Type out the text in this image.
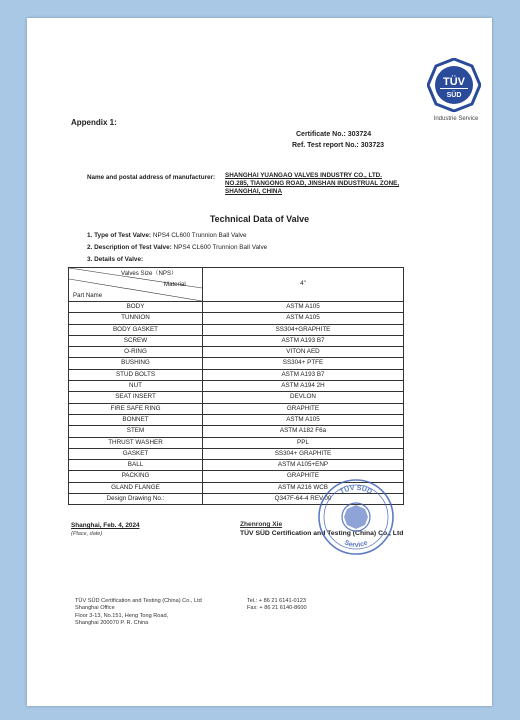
TÜV
SÜD
Industrie Service
Appendix 1:
Certificate No.: 303724
Ref. Test report No.: 303723
Name and postal address of manufacturer: SHANGHAI YUANGAO VALVES INDUSTRY CO., LTD.
NO.285, TIANGONG ROAD, JINSHAN INDUSTRUAL ZONE,
SHANGHAI, CHINA
Technical Data of Valve
1. Type of Test Valve: NPS4 CL600 Trunnion Ball Valve
2. Description of Test Valve: NPS4 CL600 Trunnion Ball Valve
3. Details of Valve:
Valves Size（NPS）
Material
Part Name	4"
BODY	ASTM A105
TUNNION	ASTM A105
BODY GASKET	SS304+GRAPHITE
SCREW	ASTM A193 B7
O-RING	VITON AED
BUSHING	SS304+ PTFE
STUD BOLTS	ASTM A193 B7
NUT	ASTM A194 2H
SEAT INSERT	DEVLON
FIRE SAFE RING	GRAPHITE
BONNET	ASTM A105
STEM	ASTM A182 F6a
THRUST WASHER	PPL
GASKET	SS304+ GRAPHITE
BALL	ASTM A105+ENP
PACKING	GRAPHITE
GLAND FLANGE	ASTM A216 WCB
Design Drawing No.:	Q347F-64-4 REV.00
Shanghai, Feb. 4, 2024
(Place, date)
Zhenrong Xie
TÜV SÜD Certification and Testing (China) Co., Ltd
TÜV SÜD
Service
TÜV SÜD Certification and Testing (China) Co., Ltd
Shanghai Office
Floor 3-13, No.151, Heng Tong Road,
Shanghai 200070 P. R. China
Tel.: + 86 21 6141-0123
Fax: + 86 21 6140-8600
